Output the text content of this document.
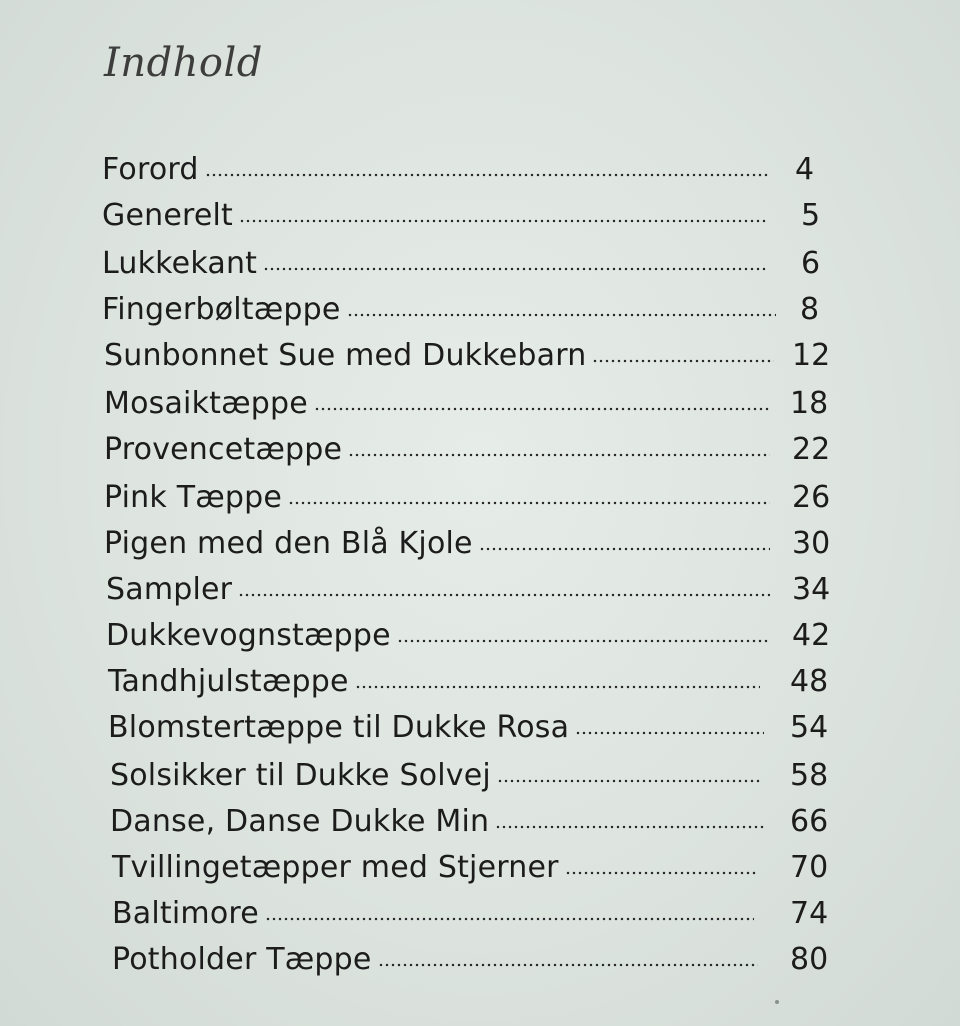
Indhold
Forord	4
Generelt	5
Lukkekant	6
Fingerbøltæppe	8
Sunbonnet Sue med Dukkebarn	12
Mosaiktæppe	18
Provencetæppe	22
Pink Tæppe	26
Pigen med den Blå Kjole	30
Sampler	34
Dukkevognstæppe	42
Tandhjulstæppe	48
Blomstertæppe til Dukke Rosa	54
Solsikker til Dukke Solvej	58
Danse, Danse Dukke Min	66
Tvillingetæpper med Stjerner	70
Baltimore	74
Potholder Tæppe	80
